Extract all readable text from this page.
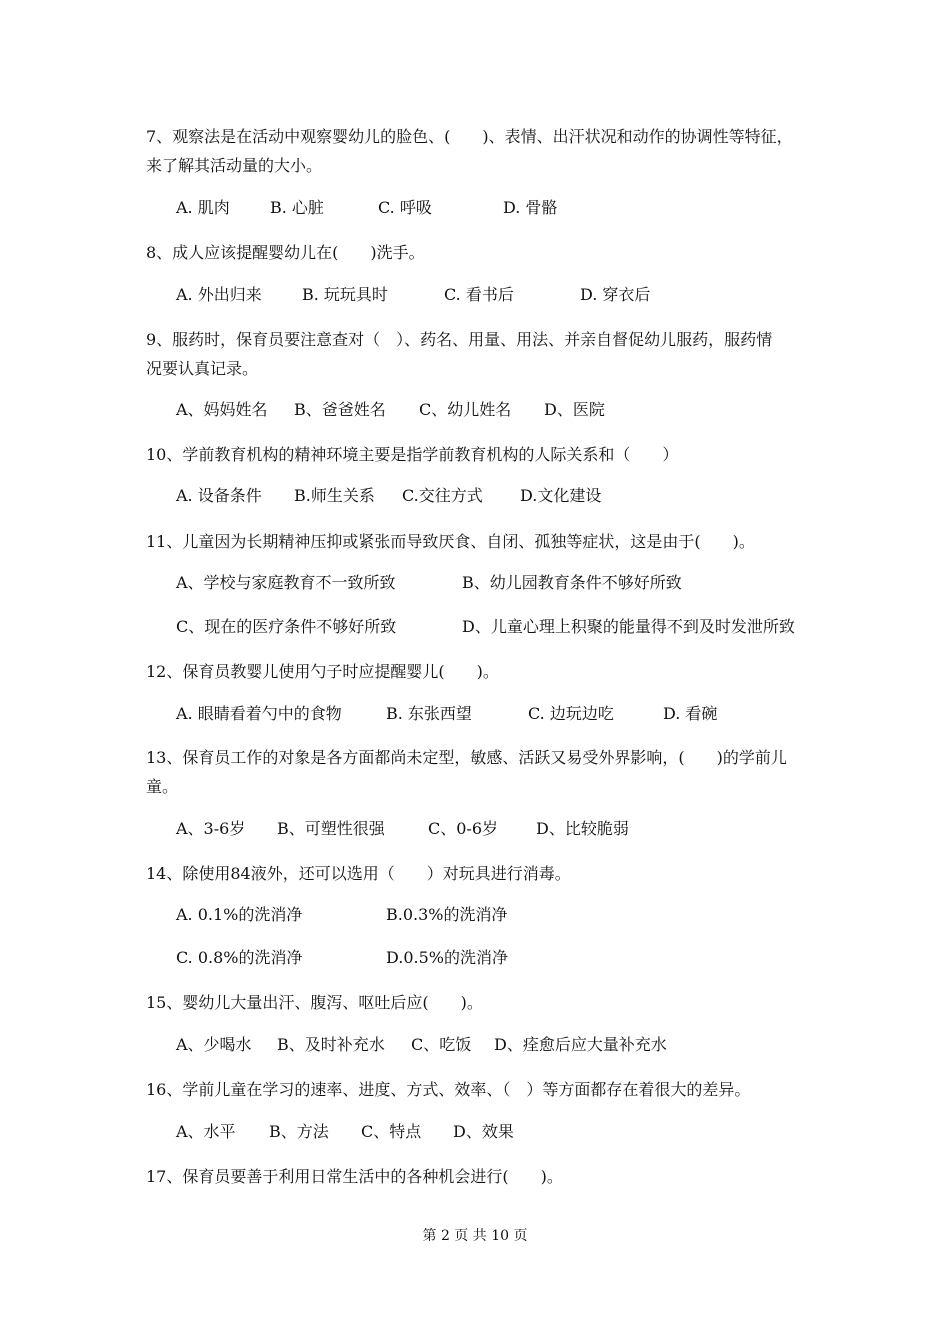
7、观察法是在活动中观察婴幼儿的脸色、(　　)、表情、出汗状况和动作的协调性等特征，
来了解其活动量的大小。
A. 肌肉	B. 心脏	C. 呼吸	D. 骨骼
8、成人应该提醒婴幼儿在(　　)洗手。
A. 外出归来	B. 玩玩具时	C. 看书后	D. 穿衣后
9、服药时，保育员要注意查对（　）、药名、用量、用法、并亲自督促幼儿服药，服药情
况要认真记录。
A、妈妈姓名 B、爸爸姓名 C、幼儿姓名 D、医院
10、学前教育机构的精神环境主要是指学前教育机构的人际关系和（　　）
A. 设备条件 B.师生关系 C.交往方式 D.文化建设
11、儿童因为长期精神压抑或紧张而导致厌食、自闭、孤独等症状，这是由于(　　)。
A、学校与家庭教育不一致所致	B、幼儿园教育条件不够好所致
C、现在的医疗条件不够好所致	D、儿童心理上积聚的能量得不到及时发泄所致
12、保育员教婴儿使用勺子时应提醒婴儿(　　)。
A. 眼睛看着勺中的食物	B. 东张西望	C. 边玩边吃	D. 看碗
13、保育员工作的对象是各方面都尚未定型，敏感、活跃又易受外界影响，(　　)的学前儿
童。
A、3-6岁 B、可塑性很强	C、0-6岁 D、比较脆弱
14、除使用84液外，还可以选用（　　）对玩具进行消毒。
A. 0.1%的洗消净	B.0.3%的洗消净
C. 0.8%的洗消净	D.0.5%的洗消净
15、婴幼儿大量出汗、腹泻、呕吐后应(　　)。
A、少喝水 B、及时补充水 C、吃饭 D、痊愈后应大量补充水
16、学前儿童在学习的速率、进度、方式、效率、（　）等方面都存在着很大的差异。
A、水平 B、方法 C、特点 D、效果
17、保育员要善于利用日常生活中的各种机会进行(　　)。
第 2 页 共 10 页
